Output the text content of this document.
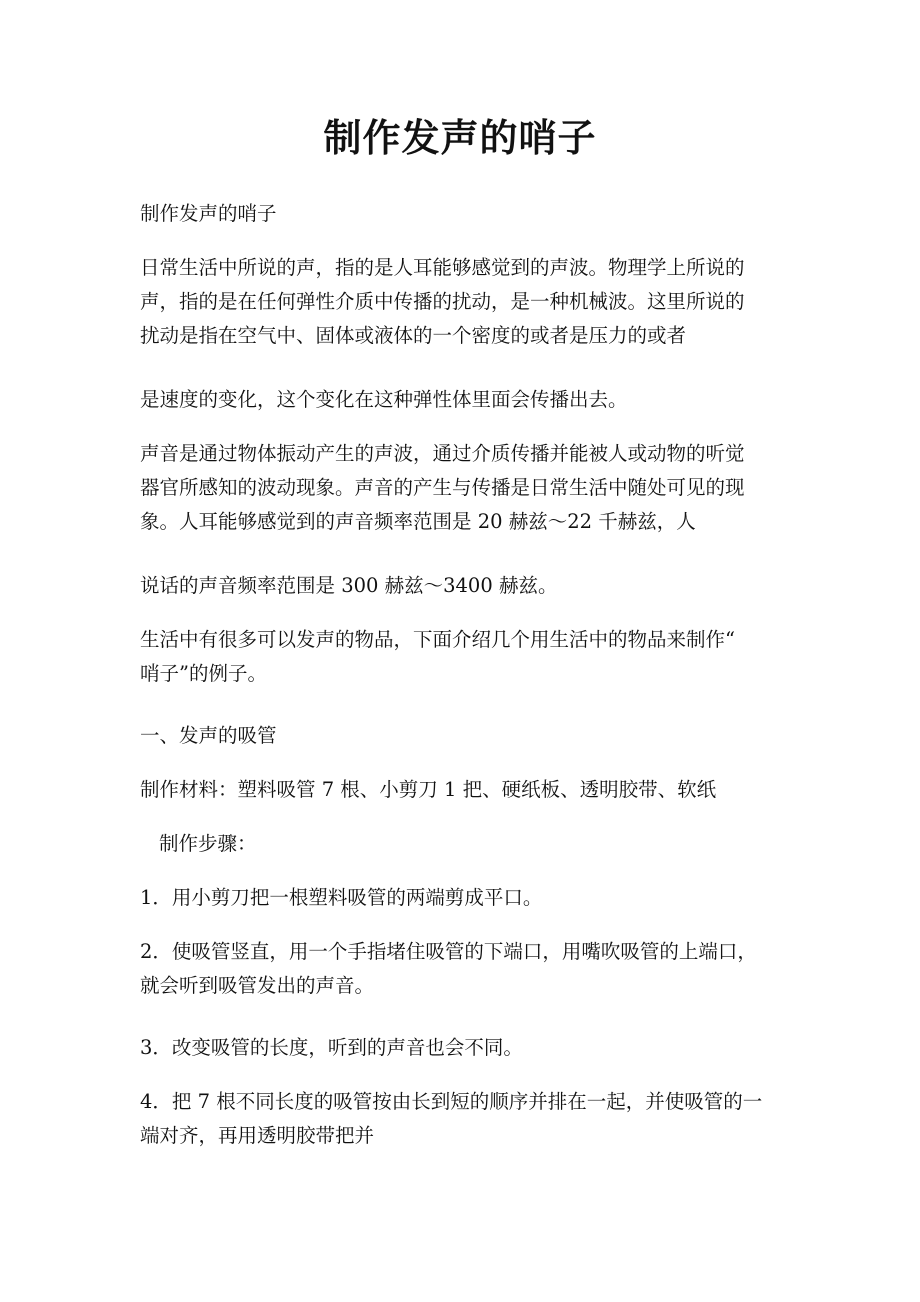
制作发声的哨子

制作发声的哨子

日常生活中所说的声，指的是人耳能够感觉到的声波。物理学上所说的
声，指的是在任何弹性介质中传播的扰动，是一种机械波。这里所说的
扰动是指在空气中、固体或液体的一个密度的或者是压力的或者

是速度的变化，这个变化在这种弹性体里面会传播出去。

声音是通过物体振动产生的声波，通过介质传播并能被人或动物的听觉
器官所感知的波动现象。声音的产生与传播是日常生活中随处可见的现
象。人耳能够感觉到的声音频率范围是 20 赫兹～22 千赫兹，人

说话的声音频率范围是 300 赫兹～3400 赫兹。

生活中有很多可以发声的物品，下面介绍几个用生活中的物品来制作“
哨子”的例子。

一、发声的吸管

制作材料：塑料吸管 7 根、小剪刀 1 把、硬纸板、透明胶带、软纸

制作步骤：

1．用小剪刀把一根塑料吸管的两端剪成平口。

2．使吸管竖直，用一个手指堵住吸管的下端口，用嘴吹吸管的上端口，
就会听到吸管发出的声音。

3．改变吸管的长度，听到的声音也会不同。

4．把 7 根不同长度的吸管按由长到短的顺序并排在一起，并使吸管的一
端对齐，再用透明胶带把并
